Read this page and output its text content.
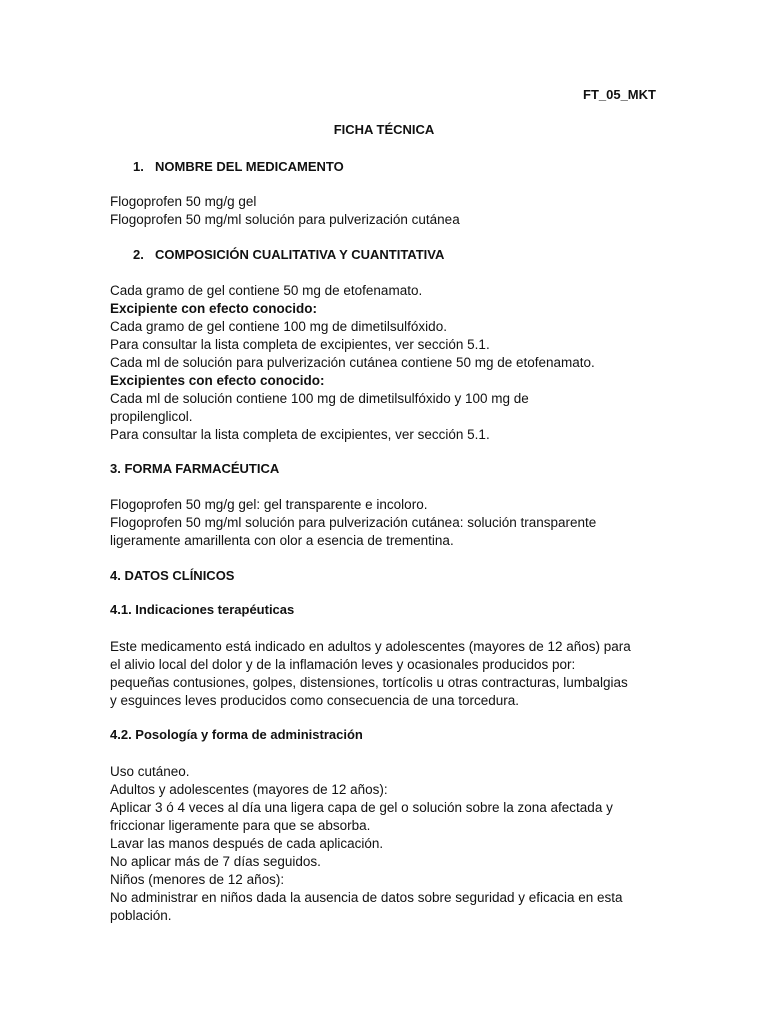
FT_05_MKT
FICHA TÉCNICA
1. NOMBRE DEL MEDICAMENTO
Flogoprofen 50 mg/g gel
Flogoprofen 50 mg/ml solución para pulverización cutánea
2. COMPOSICIÓN CUALITATIVA Y CUANTITATIVA
Cada gramo de gel contiene 50 mg de etofenamato.
Excipiente con efecto conocido:
Cada gramo de gel contiene 100 mg de dimetilsulfóxido.
Para consultar la lista completa de excipientes, ver sección 5.1.
Cada ml de solución para pulverización cutánea contiene 50 mg de etofenamato.
Excipientes con efecto conocido:
Cada ml de solución contiene 100 mg de dimetilsulfóxido y 100 mg de
propilenglicol.
Para consultar la lista completa de excipientes, ver sección 5.1.
3. FORMA FARMACÉUTICA
Flogoprofen 50 mg/g gel: gel transparente e incoloro.
Flogoprofen 50 mg/ml solución para pulverización cutánea: solución transparente
ligeramente amarillenta con olor a esencia de trementina.
4. DATOS CLÍNICOS
4.1. Indicaciones terapéuticas
Este medicamento está indicado en adultos y adolescentes (mayores de 12 años) para
el alivio local del dolor y de la inflamación leves y ocasionales producidos por:
pequeñas contusiones, golpes, distensiones, tortícolis u otras contracturas, lumbalgias
y esguinces leves producidos como consecuencia de una torcedura.
4.2. Posología y forma de administración
Uso cutáneo.
Adultos y adolescentes (mayores de 12 años):
Aplicar 3 ó 4 veces al día una ligera capa de gel o solución sobre la zona afectada y
friccionar ligeramente para que se absorba.
Lavar las manos después de cada aplicación.
No aplicar más de 7 días seguidos.
Niños (menores de 12 años):
No administrar en niños dada la ausencia de datos sobre seguridad y eficacia en esta
población.
